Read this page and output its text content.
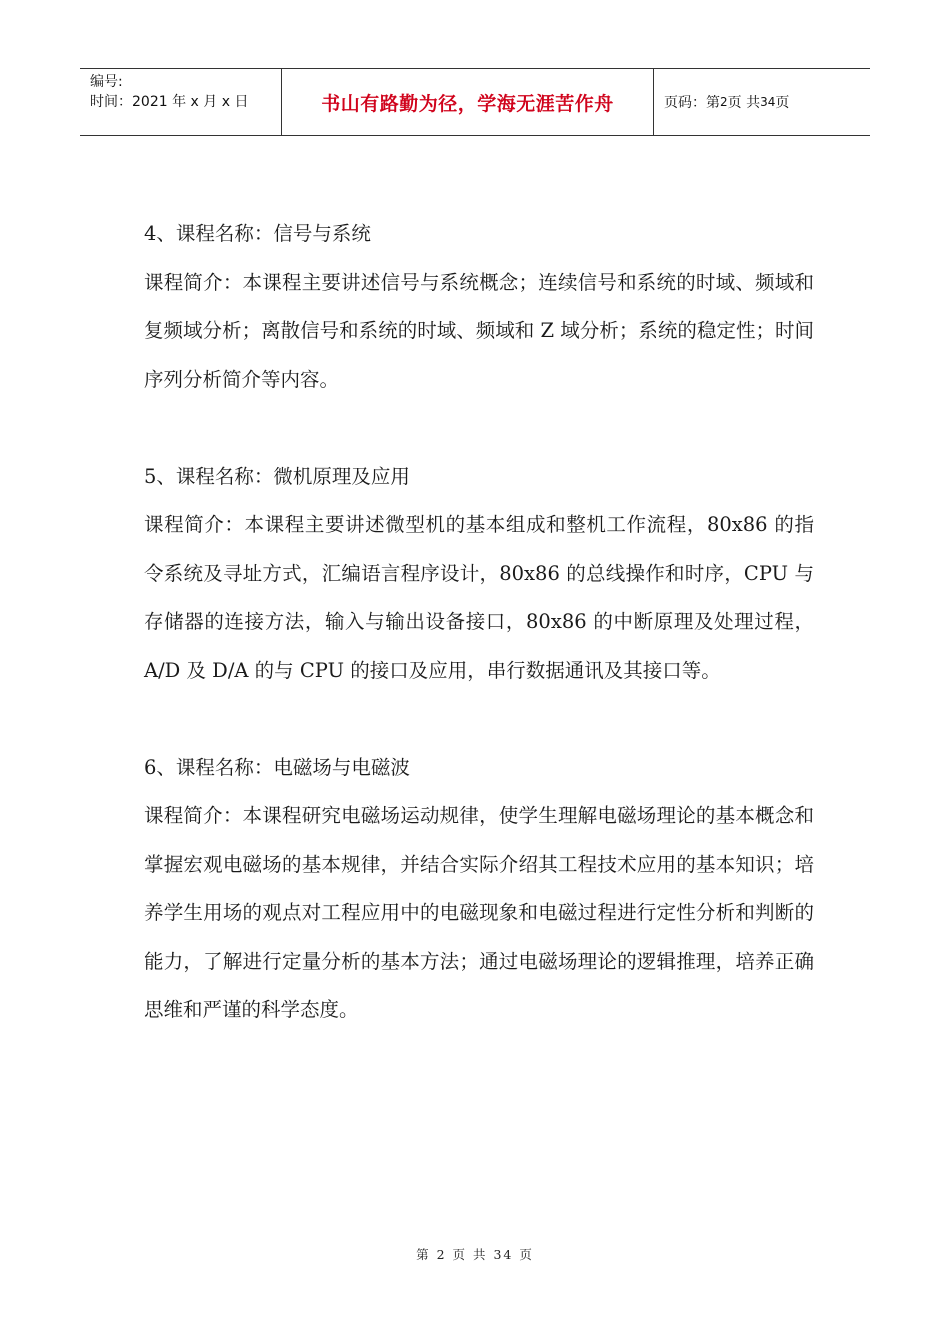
编号:
时间：2021 年 x 月 x 日	书山有路勤为径，学海无涯苦作舟	页码：第 2 页 共 34 页

4、课程名称：信号与系统

课程简介：本课程主要讲述信号与系统概念；连续信号和系统的时域、频域和复频域分析；离散信号和系统的时域、频域和 Z 域分析；系统的稳定性；时间序列分析简介等内容。

5、课程名称：微机原理及应用

课程简介：本课程主要讲述微型机的基本组成和整机工作流程，80x86 的指令系统及寻址方式，汇编语言程序设计，80x86 的总线操作和时序，CPU 与存储器的连接方法，输入与输出设备接口，80x86 的中断原理及处理过程，A/D 及 D/A 的与 CPU 的接口及应用，串行数据通讯及其接口等。

6、课程名称：电磁场与电磁波

课程简介：本课程研究电磁场运动规律，使学生理解电磁场理论的基本概念和掌握宏观电磁场的基本规律，并结合实际介绍其工程技术应用的基本知识；培养学生用场的观点对工程应用中的电磁现象和电磁过程进行定性分析和判断的能力，了解进行定量分析的基本方法；通过电磁场理论的逻辑推理，培养正确思维和严谨的科学态度。

第 2 页 共 34 页
